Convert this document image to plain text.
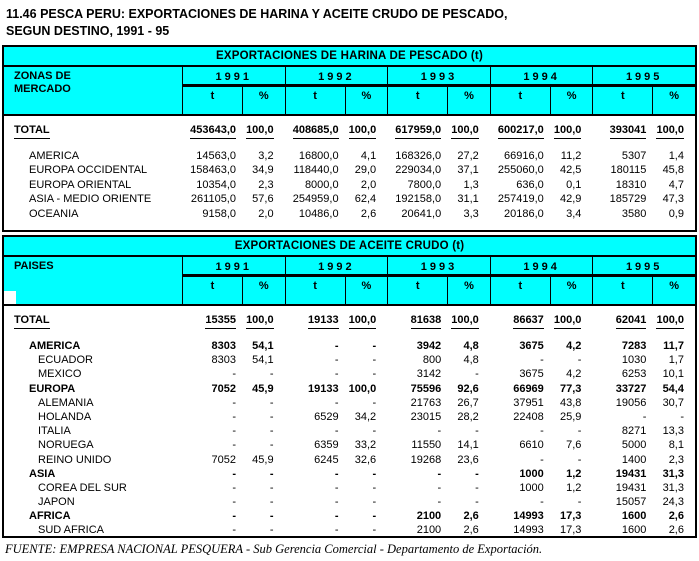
11.46 PESCA PERU: EXPORTACIONES DE HARINA Y ACEITE CRUDO DE PESCADO,
SEGUN DESTINO, 1991 - 95
EXPORTACIONES DE HARINA DE PESCADO (t)
ZONAS DE
MERCADO
1991	1992	1993	1994	1995
t	%	t	%	t	%	t	%	t	%
TOTAL	453643,0 100,0	408685,0 100,0	617959,0 100,0	600217,0 100,0	393041 100,0
AMERICA	14563,0	3,2	16800,0	4,1	168326,0	27,2	66916,0	11,2	5307	1,4
EUROPA OCCIDENTAL	158463,0	34,9	118440,0	29,0	229034,0	37,1	255060,0	42,5	180115	45,8
EUROPA ORIENTAL	10354,0	2,3	8000,0	2,0	7800,0	1,3	636,0	0,1	18310	4,7
ASIA - MEDIO ORIENTE	261105,0	57,6	254959,0	62,4	192158,0	31,1	257419,0	42,9	185729	47,3
OCEANIA	9158,0	2,0	10486,0	2,6	20641,0	3,3	20186,0	3,4	3580	0,9
EXPORTACIONES DE ACEITE CRUDO (t)
PAISES	1991	1992	1993	1994	1995
t	%	t	%	t	%	t	%	t	%
TOTAL	15355 100,0	19133 100,0	81638 100,0	86637 100,0	62041 100,0
AMERICA	8303	54,1	-	-	3942	4,8	3675	4,2	7283	11,7
ECUADOR	8303	54,1	-	-	800	4,8	-	-	1030	1,7
MEXICO	-	-	-	-	3142	-	3675	4,2	6253	10,1
EUROPA	7052	45,9	19133 100,0	75596	92,6	66969	77,3	33727	54,4
ALEMANIA	-	-	-	-	21763	26,7	37951	43,8	19056	30,7
HOLANDA	-	-	6529	34,2	23015	28,2	22408	25,9	-	-
ITALIA	-	-	-	-	-	-	-	-	8271	13,3
NORUEGA	-	-	6359	33,2	11550	14,1	6610	7,6	5000	8,1
REINO UNIDO	7052	45,9	6245	32,6	19268	23,6	-	-	1400	2,3
ASIA	-	-	-	-	-	-	1000	1,2	19431	31,3
COREA DEL SUR	-	-	-	-	-	-	1000	1,2	19431	31,3
JAPON	-	-	-	-	-	-	-	-	15057	24,3
AFRICA	-	-	-	-	2100	2,6	14993	17,3	1600	2,6
SUD AFRICA	-	-	-	-	2100	2,6	14993	17,3	1600	2,6
FUENTE: EMPRESA NACIONAL PESQUERA - Sub Gerencia Comercial - Departamento de Exportación.
